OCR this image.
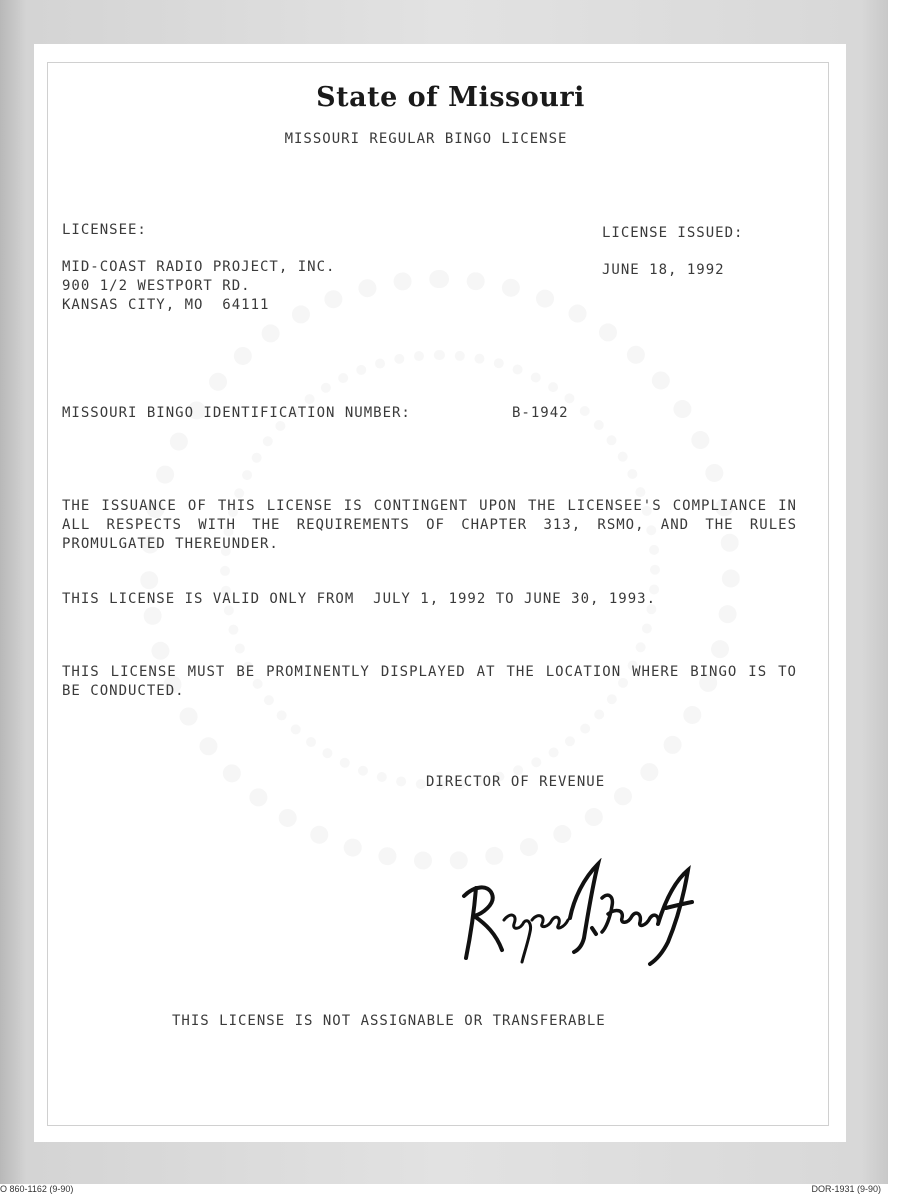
State of Missouri
MISSOURI REGULAR BINGO LICENSE
LICENSEE:	LICENSE ISSUED:
MID-COAST RADIO PROJECT, INC.
900 1/2 WESTPORT RD.
KANSAS CITY, MO  64111
JUNE 18, 1992
MISSOURI BINGO IDENTIFICATION NUMBER:	B-1942
THE ISSUANCE OF THIS LICENSE IS CONTINGENT UPON THE LICENSEE'S COMPLIANCE IN ALL RESPECTS WITH THE REQUIREMENTS OF CHAPTER 313, RSMO, AND THE RULES PROMULGATED THEREUNDER.
THIS LICENSE IS VALID ONLY FROM  JULY 1, 1992 TO JUNE 30, 1993.
THIS LICENSE MUST BE PROMINENTLY DISPLAYED AT THE LOCATION WHERE BINGO IS TO BE CONDUCTED.
DIRECTOR OF REVENUE
THIS LICENSE IS NOT ASSIGNABLE OR TRANSFERABLE
O 860-1162 (9-90)	DOR-1931 (9-90)
